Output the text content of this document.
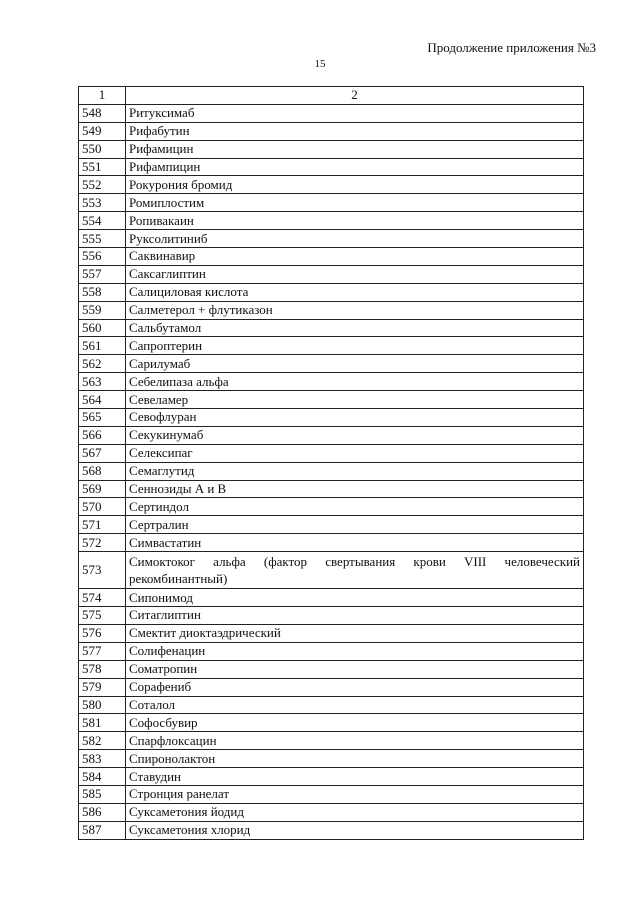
Продолжение приложения №3
15
1	2
548	Ритуксимаб
549	Рифабутин
550	Рифамицин
551	Рифампицин
552	Рокурония бромид
553	Ромиплостим
554	Ропивакаин
555	Руксолитиниб
556	Саквинавир
557	Саксаглиптин
558	Салициловая кислота
559	Салметерол + флутиказон
560	Сальбутамол
561	Сапроптерин
562	Сарилумаб
563	Себелипаза альфа
564	Севеламер
565	Севофлуран
566	Секукинумаб
567	Селексипаг
568	Семаглутид
569	Сеннозиды А и В
570	Сертиндол
571	Сертралин
572	Симвастатин
573	Симоктоког альфа (фактор свертывания крови VIII человеческий рекомбинантный)
574	Сипонимод
575	Ситаглиптин
576	Смектит диоктаэдрический
577	Солифенацин
578	Соматропин
579	Сорафениб
580	Соталол
581	Софосбувир
582	Спарфлоксацин
583	Спиронолактон
584	Ставудин
585	Стронция ранелат
586	Суксаметония йодид
587	Суксаметония хлорид
